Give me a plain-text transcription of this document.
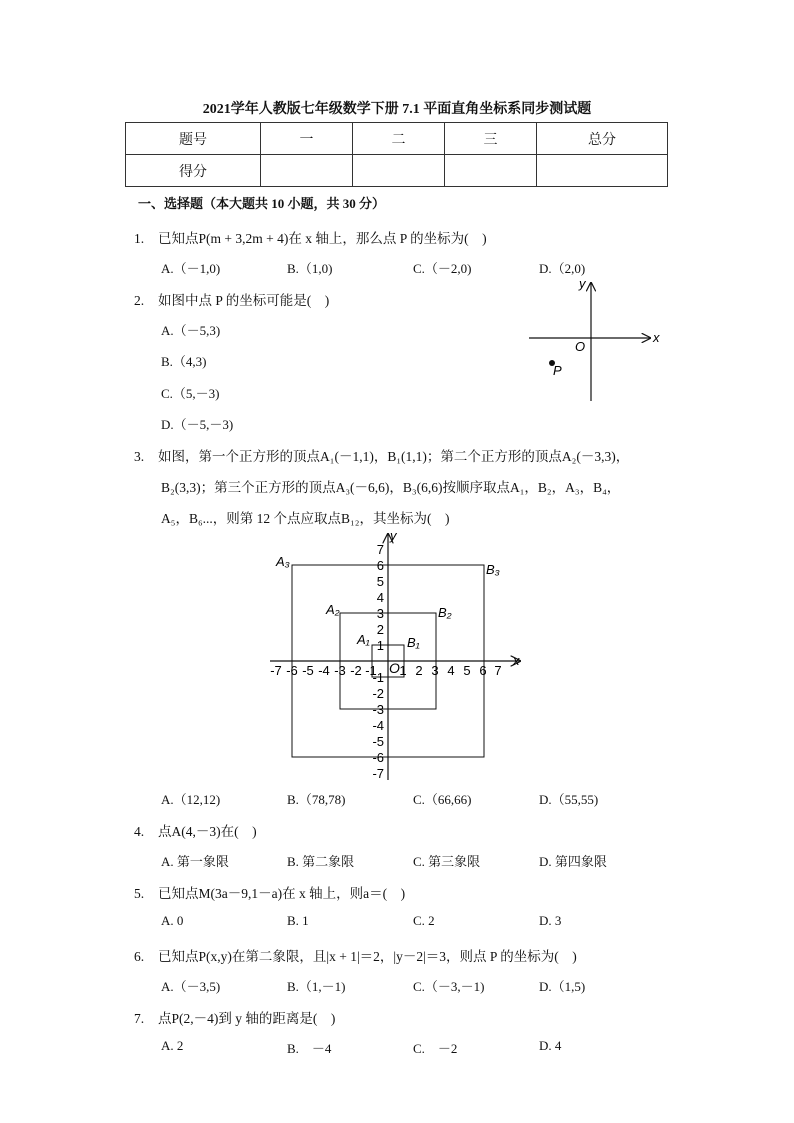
2021学年人教版七年级数学下册 7.1 平面直角坐标系同步测试题
题号	一	二	三	总分
得分				
一、选择题（本大题共 10 小题，共 30 分）
1. 已知点P(m + 3,2m + 4)在 x 轴上，那么点 P 的坐标为(　)
A.（－1,0)	B.（1,0)	C.（－2,0)	D.（2,0)
2. 如图中点 P 的坐标可能是(　)
A.（－5,3)
B.（4,3)
C.（5,－3)
D.（－5,－3)
x
y
O
P
3. 如图，第一个正方形的顶点A₁(－1,1)，B₁(1,1)；第二个正方形的顶点A₂(－3,3)，
B₂(3,3)；第三个正方形的顶点A₃(－6,6)，B₃(6,6)按顺序取点A₁，B₂，A₃，B₄，
A₅，B₆...，则第 12 个点应取点B₁₂，其坐标为(　)
-7 -6 -5 -4 -3 -2 -1 1 2 3 4 5 6 7
7
6
5
4
3
2
1
-1
-2
-3
-4
-5
-6
-7
x
y
O
A₁	B₁
A₂	B₂
A₃
B₃
A.（12,12)	B.（78,78)	C.（66,66)	D.（55,55)
4. 点A(4,－3)在(　)
A. 第一象限	B. 第二象限	C. 第三象限	D. 第四象限
5. 已知点M(3a－9,1－a)在 x 轴上，则a＝(　)
A. 0	B. 1	C. 2	D. 3
6. 已知点P(x,y)在第二象限，且|x + 1|＝2，|y－2|＝3，则点 P 的坐标为(　)
A.（－3,5)	B.（1,－1)	C.（－3,－1)	D.（1,5)
7. 点P(2,－4)到 y 轴的距离是(　)
A. 2	B.　－4	C.　－2	D. 4
